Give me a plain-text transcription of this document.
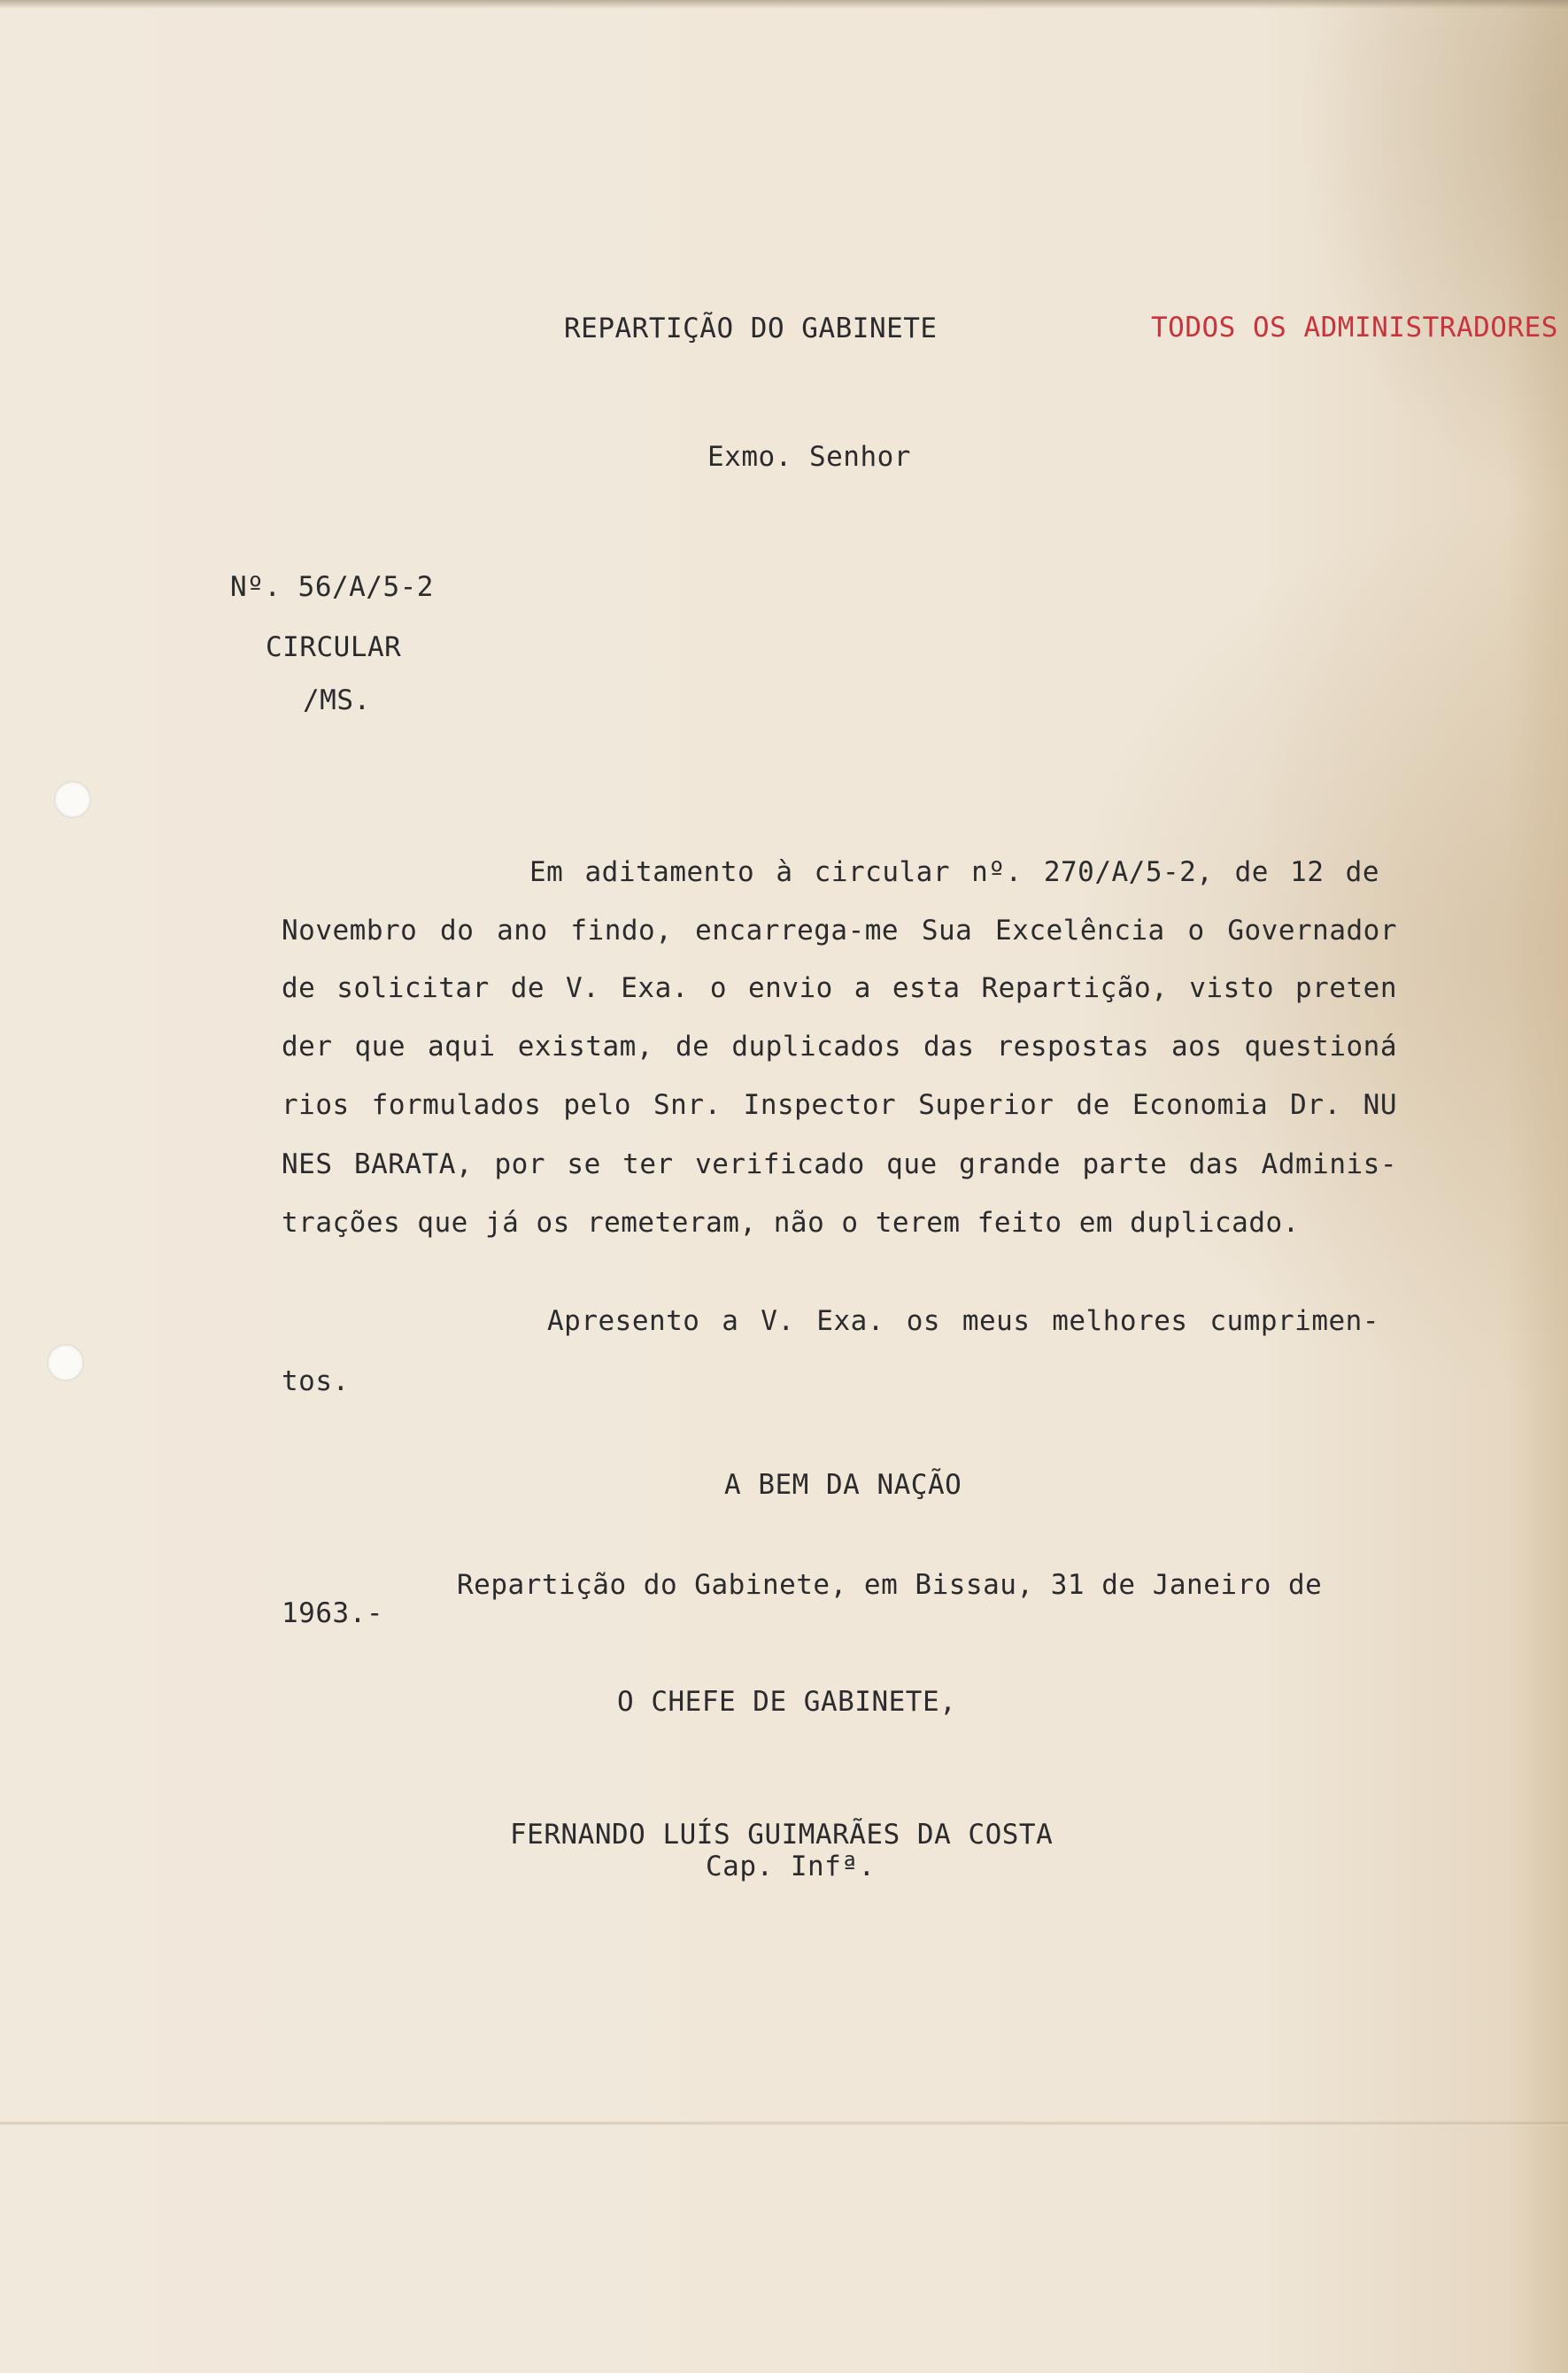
REPARTIÇÃO DO GABINETE	TODOS OS ADMINISTRADORES
Exmo. Senhor
Nº. 56/A/5-2
CIRCULAR
/MS.
Em aditamento à circular nº. 270/A/5-2, de 12 de
Novembro do ano findo, encarrega-me Sua Excelência o Governador
de solicitar de V. Exa. o envio a esta Repartição, visto preten
der que aqui existam, de duplicados das respostas aos questioná
rios formulados pelo Snr. Inspector Superior de Economia Dr. NU
NES BARATA, por se ter verificado que grande parte das Adminis-
trações que já os remeteram, não o terem feito em duplicado.
Apresento a V. Exa. os meus melhores cumprimen-
tos.
A BEM DA NAÇÃO
Repartição do Gabinete, em Bissau, 31 de Janeiro de
1963.-
O CHEFE DE GABINETE,
FERNANDO LUÍS GUIMARÃES DA COSTA
Cap. Infª.
